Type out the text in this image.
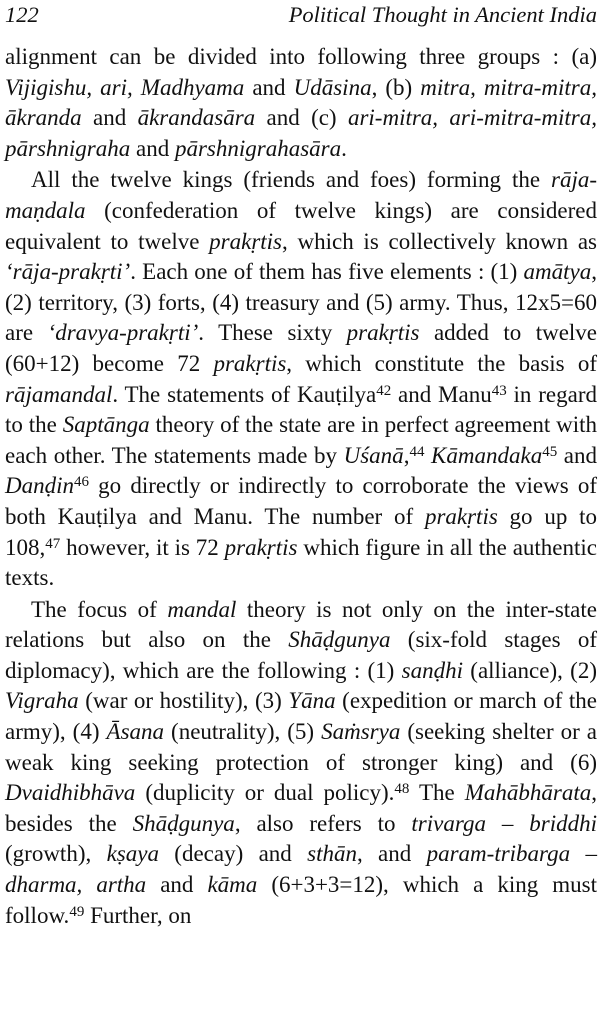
122	Political Thought in Ancient India

alignment can be divided into following three groups : (a) Vijigishu, ari, Madhyama and Udāsina, (b) mitra, mitra-mitra, ākranda and ākrandasāra and (c) ari-mitra, ari-mitra-mitra, pārshnigraha and pārshnigrahasāra.

All the twelve kings (friends and foes) forming the rāja-maṇdala (confederation of twelve kings) are considered equivalent to twelve prakṛtis, which is collectively known as ‘rāja-prakṛti’. Each one of them has five elements : (1) amātya, (2) territory, (3) forts, (4) treasury and (5) army. Thus, 12x5=60 are ‘dravya-prakṛti’. These sixty prakṛtis added to twelve (60+12) become 72 prakṛtis, which constitute the basis of rājamandal. The statements of Kauṭilya$^{42}$ and Manu$^{43}$ in regard to the Saptānga theory of the state are in perfect agreement with each other. The statements made by Uśanā,$^{44}$ Kāmandaka$^{45}$ and Danḍin$^{46}$ go directly or indirectly to corroborate the views of both Kauṭilya and Manu. The number of prakṛtis go up to 108,47 however, it is 72 prakṛtis which figure in all the authentic texts.

The focus of mandal theory is not only on the inter-state relations but also on the Shāḍgunya (six-fold stages of diplomacy), which are the following : (1) sanḍhi (alliance), (2) Vigraha (war or hostility), (3) Yāna (expedition or march of the army), (4) Āsana (neutrality), (5) Saṁsrya (seeking shelter or a weak king seeking protection of stronger king) and (6) Dvaidhibhāva (duplicity or dual policy).$^{48}$ The Mahābhārata, besides the Shāḍgunya, also refers to trivarga – briddhi (growth), kṣaya (decay) and sthān, and param-tribarga – dharma, artha and kāma (6+3+3=12), which a king must follow.$^{49}$ Further, on
